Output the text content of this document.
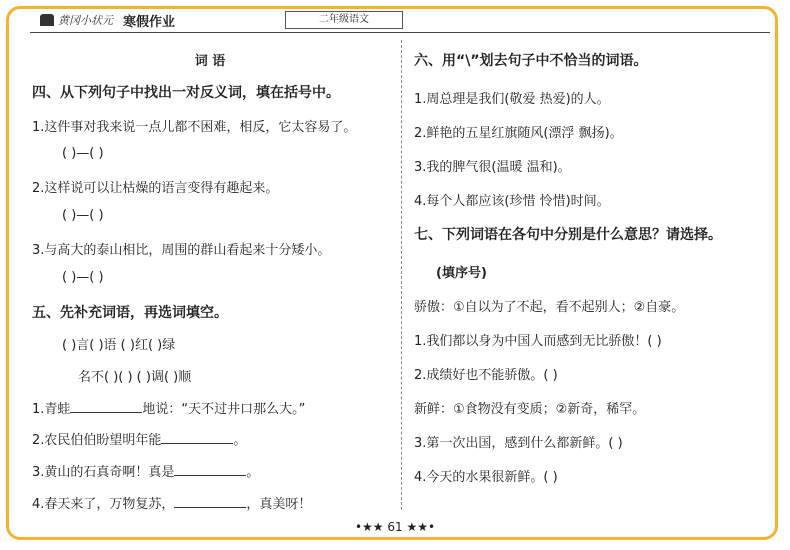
黄冈小状元 寒假作业	二年级语文
词 语
四、从下列句子中找出一对反义词，填在括号中。
1.这件事对我来说一点儿都不困难，相反，它太容易了。
( )—( )
2.这样说可以让枯燥的语言变得有趣起来。
( )—( )
3.与高大的泰山相比，周围的群山看起来十分矮小。
( )—( )
五、先补充词语，再选词填空。
( )言( )语 ( )红( )绿
名不( )( ) ( )调( )顺
1.青蛙	地说：“天不过井口那么大。”
2.农民伯伯盼望明年能	。
3.黄山的石真奇啊！真是	。
4.春天来了，万物复苏，	，真美呀！
六、用“\”划去句子中不恰当的词语。
1.周总理是我们(敬爱 热爱)的人。
2.鲜艳的五星红旗随风(漂浮 飘扬)。
3.我的脾气很(温暖 温和)。
4.每个人都应该(珍惜 怜惜)时间。
七、下列词语在各句中分别是什么意思？请选择。
(填序号)
骄傲：①自以为了不起，看不起别人；②自豪。
1.我们都以身为中国人而感到无比骄傲！( )
2.成绩好也不能骄傲。( )
新鲜：①食物没有变质；②新奇，稀罕。
3.第一次出国，感到什么都新鲜。( )
4.今天的水果很新鲜。( )
•★★ 61 ★★•
